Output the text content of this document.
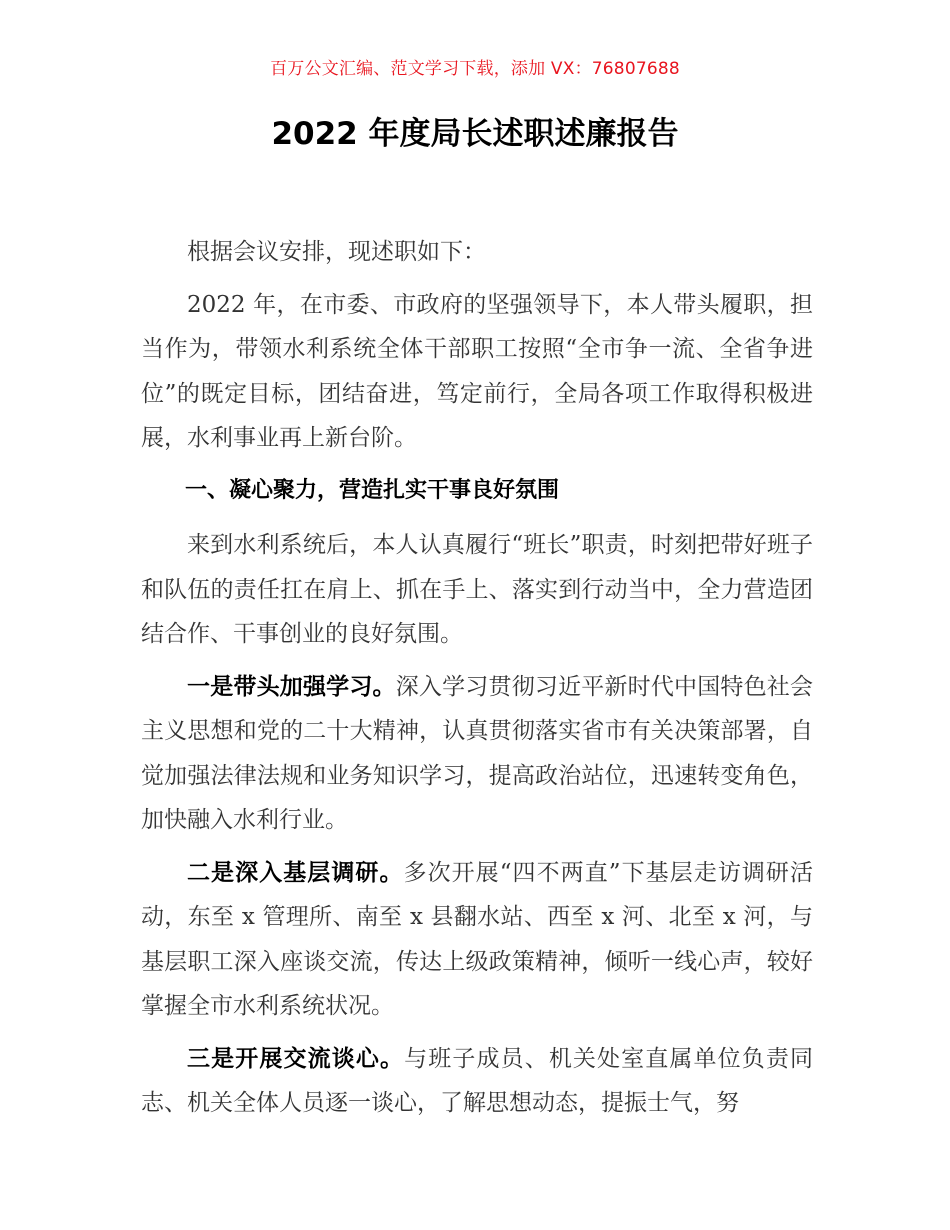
百万公文汇编、范文学习下载，添加 VX：76807688
2022 年度局长述职述廉报告

根据会议安排，现述职如下：

2022 年，在市委、市政府的坚强领导下，本人带头履职，担当作为，带领水利系统全体干部职工按照“全市争一流、全省争进位”的既定目标，团结奋进，笃定前行，全局各项工作取得积极进展，水利事业再上新台阶。

一、凝心聚力，营造扎实干事良好氛围

来到水利系统后，本人认真履行“班长”职责，时刻把带好班子和队伍的责任扛在肩上、抓在手上、落实到行动当中，全力营造团结合作、干事创业的良好氛围。

一是带头加强学习。深入学习贯彻习近平新时代中国特色社会主义思想和党的二十大精神，认真贯彻落实省市有关决策部署，自觉加强法律法规和业务知识学习，提高政治站位，迅速转变角色，加快融入水利行业。

二是深入基层调研。多次开展“四不两直”下基层走访调研活动，东至 x 管理所、南至 x 县翻水站、西至 x 河、北至 x 河，与基层职工深入座谈交流，传达上级政策精神，倾听一线心声，较好掌握全市水利系统状况。

三是开展交流谈心。与班子成员、机关处室直属单位负责同志、机关全体人员逐一谈心，了解思想动态，提振士气，努
